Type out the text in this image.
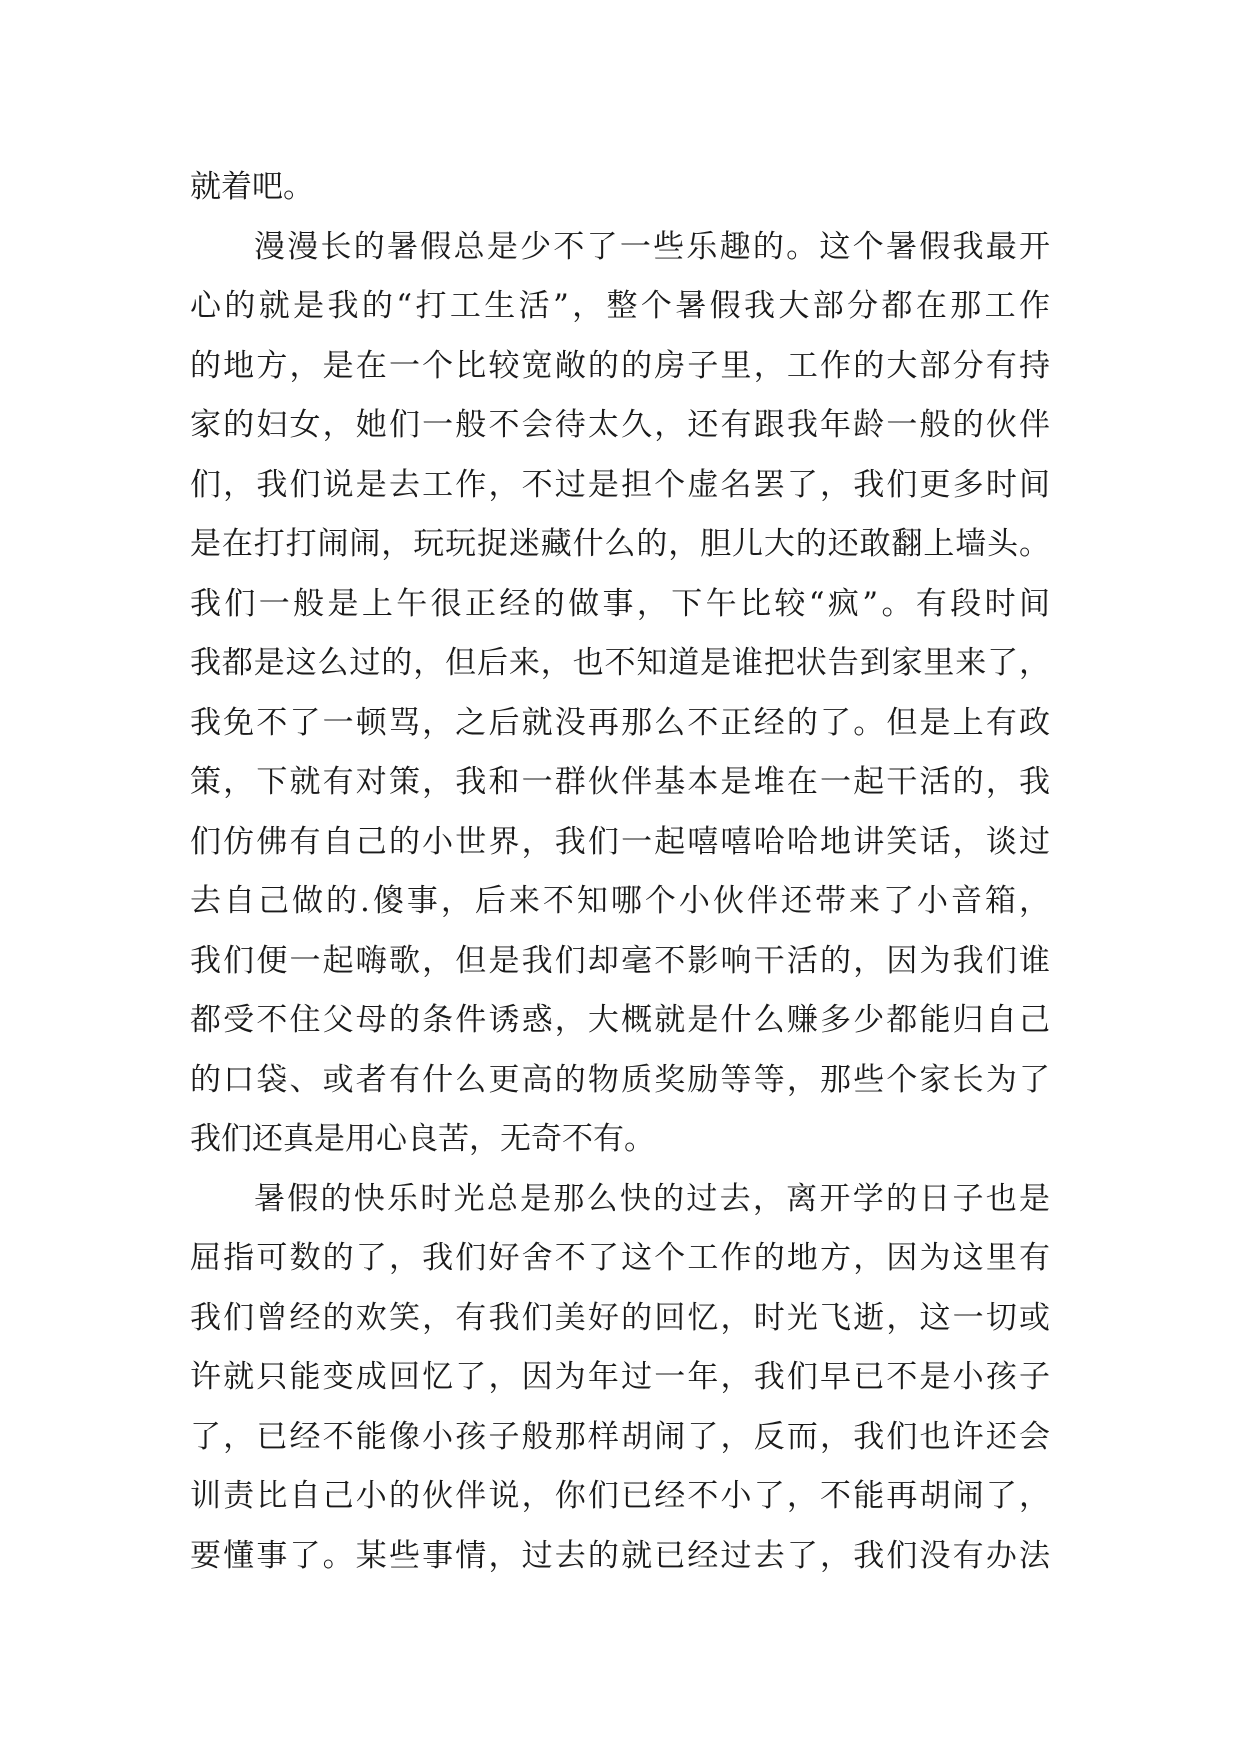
就着吧。
漫漫长的暑假总是少不了一些乐趣的。这个暑假我最开
心的就是我的“打工生活”，整个暑假我大部分都在那工作
的地方，是在一个比较宽敞的的房子里，工作的大部分有持
家的妇女，她们一般不会待太久，还有跟我年龄一般的伙伴
们，我们说是去工作，不过是担个虚名罢了，我们更多时间
是在打打闹闹，玩玩捉迷藏什么的，胆儿大的还敢翻上墙头。
我们一般是上午很正经的做事，下午比较“疯”。有段时间
我都是这么过的，但后来，也不知道是谁把状告到家里来了，
我免不了一顿骂，之后就没再那么不正经的了。但是上有政
策，下就有对策，我和一群伙伴基本是堆在一起干活的，我
们仿佛有自己的小世界，我们一起嘻嘻哈哈地讲笑话，谈过
去自己做的.傻事，后来不知哪个小伙伴还带来了小音箱，
我们便一起嗨歌，但是我们却毫不影响干活的，因为我们谁
都受不住父母的条件诱惑，大概就是什么赚多少都能归自己
的口袋、或者有什么更高的物质奖励等等，那些个家长为了
我们还真是用心良苦，无奇不有。
暑假的快乐时光总是那么快的过去，离开学的日子也是
屈指可数的了，我们好舍不了这个工作的地方，因为这里有
我们曾经的欢笑，有我们美好的回忆，时光飞逝，这一切或
许就只能变成回忆了，因为年过一年，我们早已不是小孩子
了，已经不能像小孩子般那样胡闹了，反而，我们也许还会
训责比自己小的伙伴说，你们已经不小了，不能再胡闹了，
要懂事了。某些事情，过去的就已经过去了，我们没有办法
